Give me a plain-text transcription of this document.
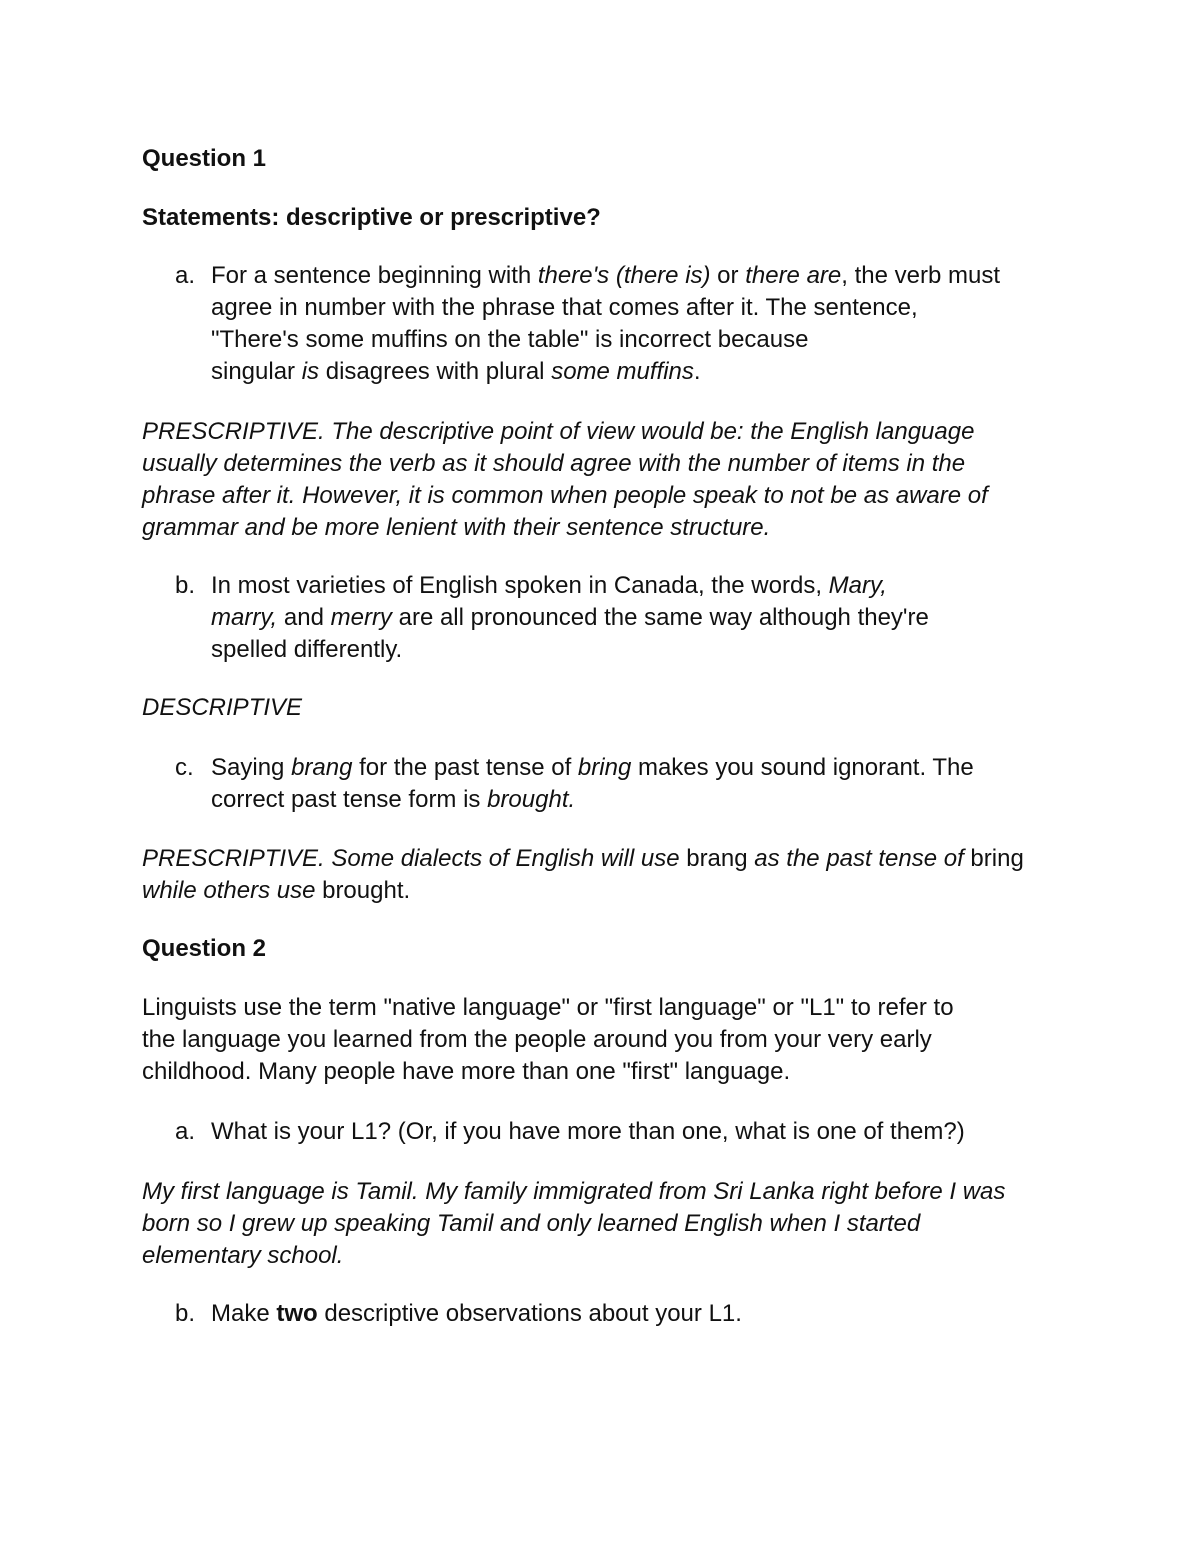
Question 1
Statements: descriptive or prescriptive?
a. For a sentence beginning with there's (there is) or there are, the verb must
agree in number with the phrase that comes after it. The sentence,
"There's some muffins on the table" is incorrect because
singular is disagrees with plural some muffins.
PRESCRIPTIVE. The descriptive point of view would be: the English language
usually determines the verb as it should agree with the number of items in the
phrase after it. However, it is common when people speak to not be as aware of
grammar and be more lenient with their sentence structure.
b. In most varieties of English spoken in Canada, the words, Mary,
marry, and merry are all pronounced the same way although they're
spelled differently.
DESCRIPTIVE
c. Saying brang for the past tense of bring makes you sound ignorant. The
correct past tense form is brought.
PRESCRIPTIVE. Some dialects of English will use brang as the past tense of bring
while others use brought.
Question 2
Linguists use the term "native language" or "first language" or "L1" to refer to
the language you learned from the people around you from your very early
childhood. Many people have more than one "first" language.
a. What is your L1? (Or, if you have more than one, what is one of them?)
My first language is Tamil. My family immigrated from Sri Lanka right before I was
born so I grew up speaking Tamil and only learned English when I started
elementary school.
b. Make two descriptive observations about your L1.
